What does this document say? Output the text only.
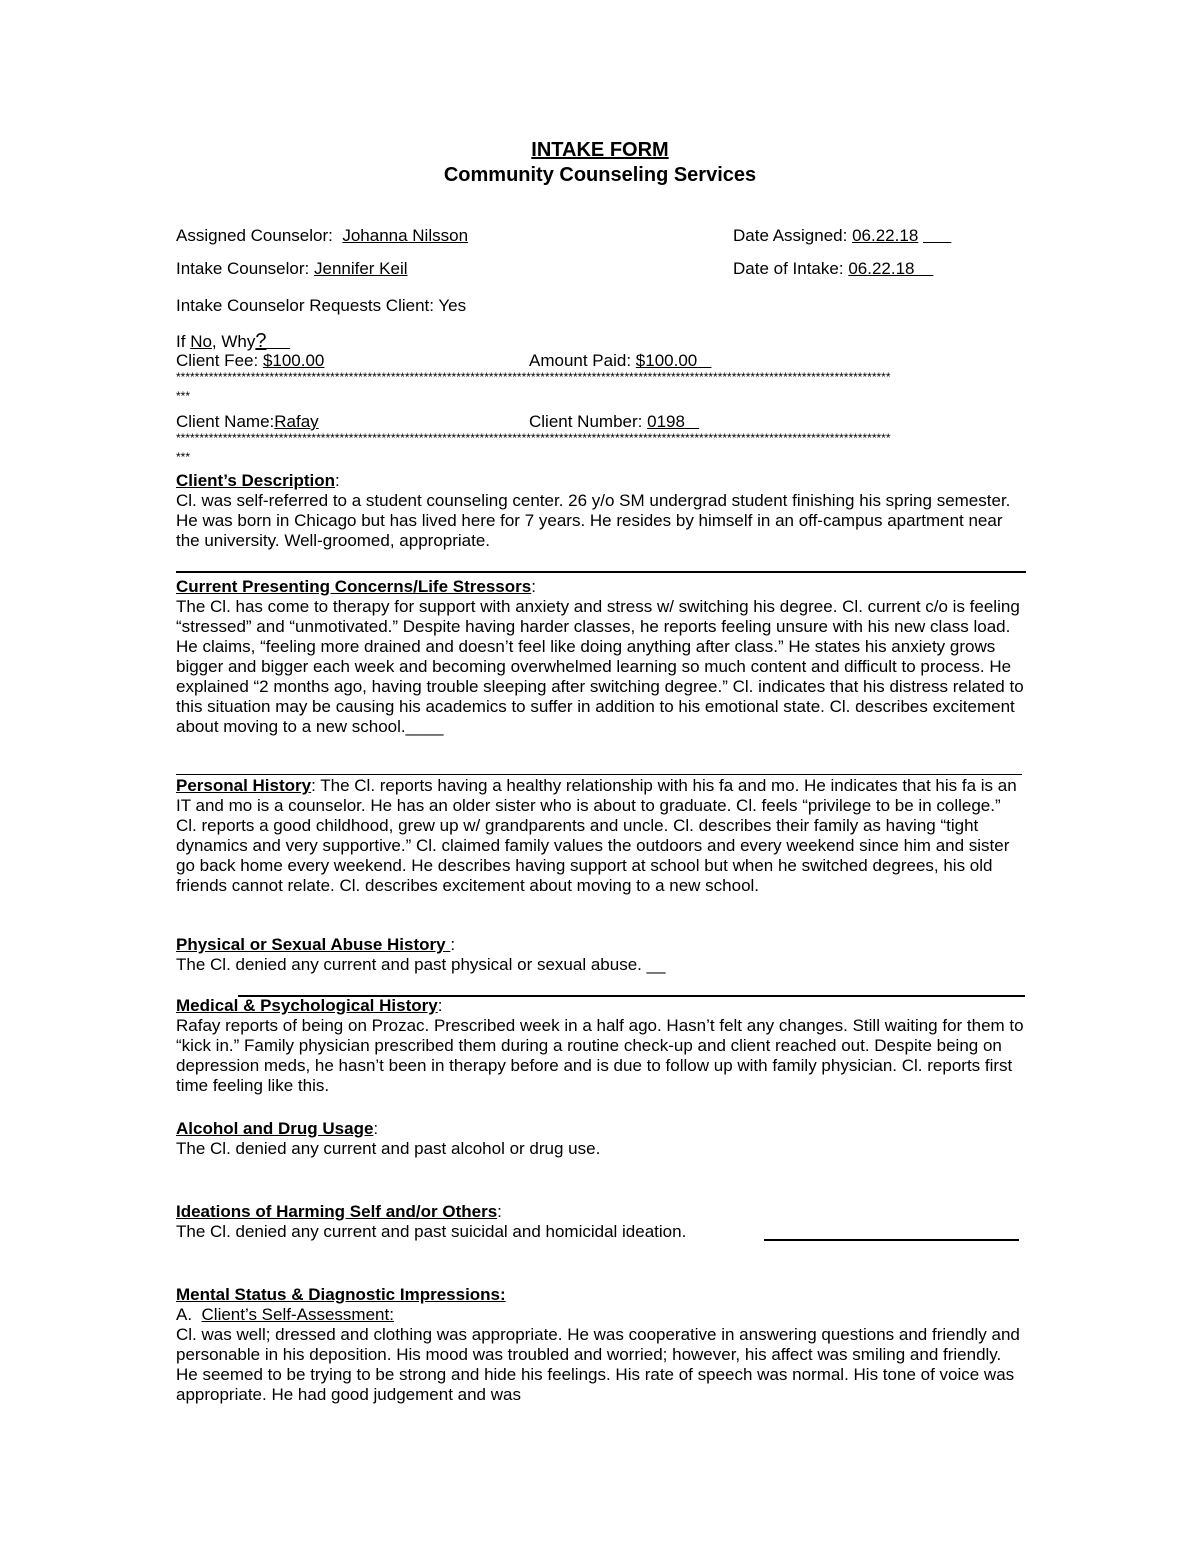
INTAKE FORM
Community Counseling Services
Assigned Counselor: Johanna Nilsson	Date Assigned: 06.22.18
Intake Counselor: Jennifer Keil	Date of Intake: 06.22.18
Intake Counselor Requests Client: Yes
If No, Why?
Client Fee: $100.00	Amount Paid: $100.00
*********************************************************************************************************************************************************
***
Client Name:Rafay	Client Number: 0198
*********************************************************************************************************************************************************
***

Client’s Description:

Cl. was self-referred to a student counseling center. 26 y/o SM undergrad student finishing his spring semester. He was born in Chicago but has lived here for 7 years. He resides by himself in an off-campus apartment near the university. Well-groomed, appropriate.

Current Presenting Concerns/Life Stressors:

The Cl. has come to therapy for support with anxiety and stress w/ switching his degree. Cl. current c/o is feeling “stressed” and “unmotivated.” Despite having harder classes, he reports feeling unsure with his new class load. He claims, “feeling more drained and doesn’t feel like doing anything after class.” He states his anxiety grows bigger and bigger each week and becoming overwhelmed learning so much content and difficult to process. He explained “2 months ago, having trouble sleeping after switching degree.” Cl. indicates that his distress related to this situation may be causing his academics to suffer in addition to his emotional state. Cl. describes excitement about moving to a new school.____

Personal History: The Cl. reports having a healthy relationship with his fa and mo. He indicates that his fa is an IT and mo is a counselor. He has an older sister who is about to graduate. Cl. feels “privilege to be in college.” Cl. reports a good childhood, grew up w/ grandparents and uncle. Cl. describes their family as having “tight dynamics and very supportive.” Cl. claimed family values the outdoors and every weekend since him and sister go back home every weekend. He describes having support at school but when he switched degrees, his old friends cannot relate. Cl. describes excitement about moving to a new school.

Physical or Sexual Abuse History :

The Cl. denied any current and past physical or sexual abuse. __

Medical & Psychological History:

Rafay reports of being on Prozac. Prescribed week in a half ago. Hasn’t felt any changes. Still waiting for them to “kick in.” Family physician prescribed them during a routine check-up and client reached out. Despite being on depression meds, he hasn’t been in therapy before and is due to follow up with family physician. Cl. reports first time feeling like this.

Alcohol and Drug Usage:

The Cl. denied any current and past alcohol or drug use.

Ideations of Harming Self and/or Others:

The Cl. denied any current and past suicidal and homicidal ideation.

Mental Status & Diagnostic Impressions:

A. Client’s Self-Assessment:

Cl. was well; dressed and clothing was appropriate. He was cooperative in answering questions and friendly and personable in his deposition. His mood was troubled and worried; however, his affect was smiling and friendly. He seemed to be trying to be strong and hide his feelings. His rate of speech was normal. His tone of voice was appropriate. He had good judgement and was
